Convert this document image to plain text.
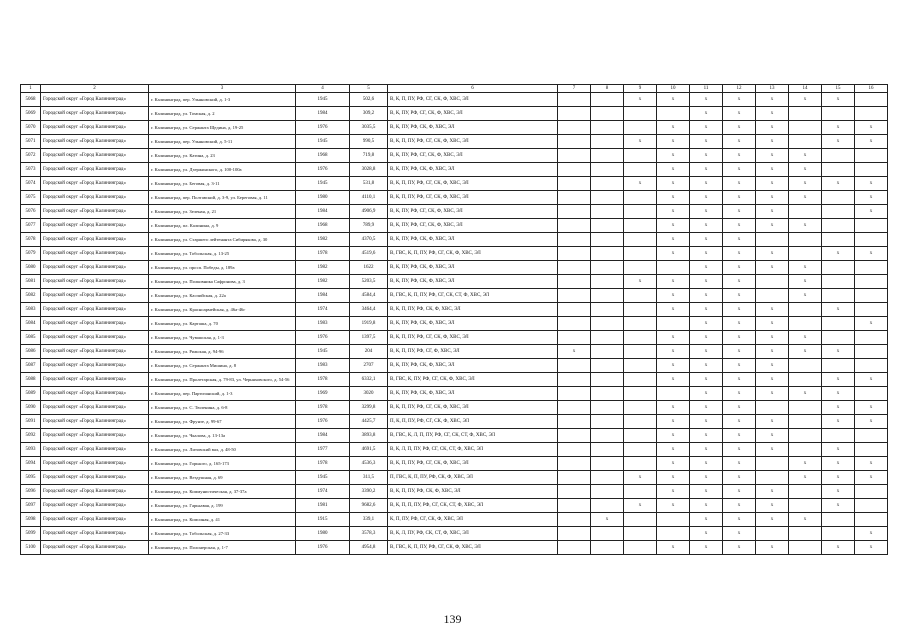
1	2	3	4	5	6	7	8	9	10	11	12	13	14	15	16
5068	Городской округ «Город Калининград»	г. Калининград, пер. Ульяновский, д. 1-3	1945	502,6	В, К, П, ПУ, РФ, СГ, СК, Ф, ХВС, ЭЛ			x	x	x	x	x	x	x	
5069	Городской округ «Город Калининград»	г. Калининград, ул. Томская, д. 2	1984	309,2	В, К, ПУ, РФ, СГ, СК, Ф, ХВС, ЭЛ					x	x	x			
5070	Городской округ «Город Калининград»	г. Калининград, ул. Сержанта Щедина, д. 19-25	1976	3035,5	В, К, ПУ, РФ, СК, Ф, ХВС, ЭЛ				x	x	x	x		x	x
5071	Городской округ «Город Калининград»	г. Калининград, пер. Ульяновский, д. 5-11	1945	990,5	В, К, П, ПУ, РФ, СГ, СК, Ф, ХВС, ЭЛ			x	x	x	x	x		x	x
5072	Городской округ «Город Калининград»	г. Калининград, ул. Катина, д. 23	1968	719,8	В, К, ПУ, РФ, СГ, СК, Ф, ХВС, ЭЛ				x	x	x	x	x		
5073	Городской округ «Город Калининград»	г. Калининград, ул. Дзержинского, д. 100-100а	1976	3028,8	В, К, ПУ, РФ, СК, Ф, ХВС, ЭЛ				x	x	x	x	x		
5074	Городской округ «Город Калининград»	г. Калининград, ул. Беговая, д. 3-11	1945	531,8	В, К, П, ПУ, РФ, СГ, СК, Ф, ХВС, ЭЛ			x	x	x	x	x	x	x	x
5075	Городской округ «Город Калининград»	г. Калининград, пер. Полтавский, д. 3-9, ул. Береговая, д. 11	1980	4110,1	В, К, П, ПУ, РФ, СГ, СК, Ф, ХВС, ЭЛ				x	x	x	x	x		x
5076	Городской округ «Город Калининград»	г. Калининград, ул. Зеленая, д. 21	1984	4906,9	В, К, ПУ, РФ, СГ, СК, Ф, ХВС, ЭЛ				x	x	x	x			x
5077	Городской округ «Город Калининград»	г. Калининград, пл. Калинина, д. 9	1968	789,9	В, К, ПУ, РФ, СГ, СК, Ф, ХВС, ЭЛ				x	x	x	x	x		
5078	Городской округ «Город Калининград»	г. Калининград, ул. Старшего лейтенанта Сибирякова, д. 30	1982	4370,5	В, К, ПУ, РФ, СК, Ф, ХВС, ЭЛ				x	x	x				
5079	Городской округ «Город Калининград»	г. Калининград, ул. Тобольская, д. 13-25	1978	4519,6	В, ГВС, К, П, ПУ, РФ, СГ, СК, Ф, ХВС, ЭЛ				x	x	x	x		x	x
5080	Городской округ «Город Калининград»	г. Калининград, ул. просп. Победы, д. 189а	1982	1622	В, К, ПУ, РФ, СК, Ф, ХВС, ЭЛ					x	x	x	x		
5081	Городской округ «Город Калининград»	г. Калининград, ул. Полковника Сафронова, д. 3	1982	5203,5	В, К, ПУ, РФ, СК, Ф, ХВС, ЭЛ			x	x	x	x		x		
5082	Городской округ «Город Калининград»	г. Калининград, ул. Каспийская, д. 22а	1984	4584,4	В, ГВС, К, П, ПУ, РФ, СГ, СК, СТ, Ф, ХВС, ЭЛ				x	x	x		x		
5083	Городской округ «Город Калининград»	г. Калининград, ул. Красноармейская, д. 46а-46г	1974	3464,4	В, К, П, ПУ, РФ, СК, Ф, ХВС, ЭЛ				x	x	x	x		x	
5084	Городской округ «Город Калининград»	г. Калининград, ул. Карташа, д. 70	1983	1919,8	В, К, ПУ, РФ, СК, Ф, ХВС, ЭЛ					x	x	x			x
5085	Городской округ «Город Калининград»	г. Калининград, ул. Чувашская, д. 1-3	1976	1397,5	В, К, П, ПУ, РФ, СГ, СК, Ф, ХВС, ЭЛ				x	x	x	x	x		
5086	Городской округ «Город Калининград»	г. Калининград, ул. Рижская, д. 94-96	1945	204	В, К, П, ПУ, РФ, СГ, Ф, ХВС, ЭЛ	x			x	x	x	x	x	x	
5087	Городской округ «Город Калининград»	г. Калининград, ул. Сержанта Мишина, д. 8	1983	2707	В, К, ПУ, РФ, СК, Ф, ХВС, ЭЛ				x	x	x	x			
5088	Городской округ «Город Калининград»	г. Калининград, ул. Пролетарская, д. 79-83, ул. Черняховского, д. 54-56	1978	6332,1	В, ГВС, К, ПУ, РФ, СГ, СК, Ф, ХВС, ЭЛ				x	x	x	x		x	x
5089	Городской округ «Город Калининград»	г. Калининград, пер. Партизанский, д. 1-3	1969	3020	В, К, ПУ, РФ, СК, Ф, ХВС, ЭЛ					x	x	x	x	x	
5090	Городской округ «Город Калининград»	г. Калининград, ул. С. Тюленина, д. 6-8	1978	3299,8	В, К, П, ПУ, РФ, СГ, СК, Ф, ХВС, ЭЛ				x	x	x			x	x
5091	Городской округ «Город Калининград»	г. Калининград, ул. Фрунзе, д. 99-67	1976	4425,7	П, К, П, ПУ, РФ, СГ, СК, Ф, ХВС, ЭЛ				x	x	x	x		x	x
5092	Городской округ «Город Калининград»	г. Калининград, ул. Чкалова, д. 13-13а	1984	3893,8	В, ГВС, К, Л, П, ПУ, РФ, СГ, СК, СТ, Ф, ХВС, ЭЛ				x	x	x	x			
5093	Городской округ «Город Калининград»	г. Калининград, ул. Литовский вал, д. 48-50	1977	4691,5	В, К, Л, П, ПУ, РФ, СГ, СК, СТ, Ф, ХВС, ЭЛ				x	x	x	x		x	
5094	Городской округ «Город Калининград»	г. Калининград, ул. Горького, д. 165-173	1978	4536,3	В, К, П, ПУ, РФ, СГ, СК, Ф, ХВС, ЭЛ				x	x	x		x	x	x
5095	Городской округ «Город Калининград»	г. Калининград, ул. Вездушная, д. 69	1945	311,5	П, ГВС, К, П, ПУ, РФ, СК, Ф, ХВС, ЭЛ			x	x	x	x		x	x	x
5096	Городской округ «Город Калининград»	г. Калининград, ул. Коммунистическая, д. 37-37а	1974	3390,2	В, К, П, ПУ, РФ, СК, Ф, ХВС, ЭЛ				x	x	x	x		x	
5097	Городской округ «Город Калининград»	г. Калининград, ул. Гарькавая, д. 199	1981	9682,6	В, К, П, П, ПУ, РФ, СГ, СК, СТ, Ф, ХВС, ЭЛ			x	x	x	x	x		x	
5098	Городской округ «Город Калининград»	г. Калининград, ул. Комсиная, д. 41	1915	339,1	К, П, ПУ, РФ, СГ, СК, Ф, ХВС, ЭЛ		x			x	x	x	x		
5099	Городской округ «Город Калининград»	г. Калининград, ул. Тобольская, д. 27-33	1980	3578,3	В, К, Л, ПУ, РФ, СК, СТ, Ф, ХВС, ЭЛ					x	x				x
5100	Городской округ «Город Калининград»	г. Калининград, ул. Полонерская, д. 1-7	1976	4954,8	В, ГВС, К, П, ПУ, РФ, СГ, СК, Ф, ХВС, ЭЛ				x	x	x	x		x	x
139
